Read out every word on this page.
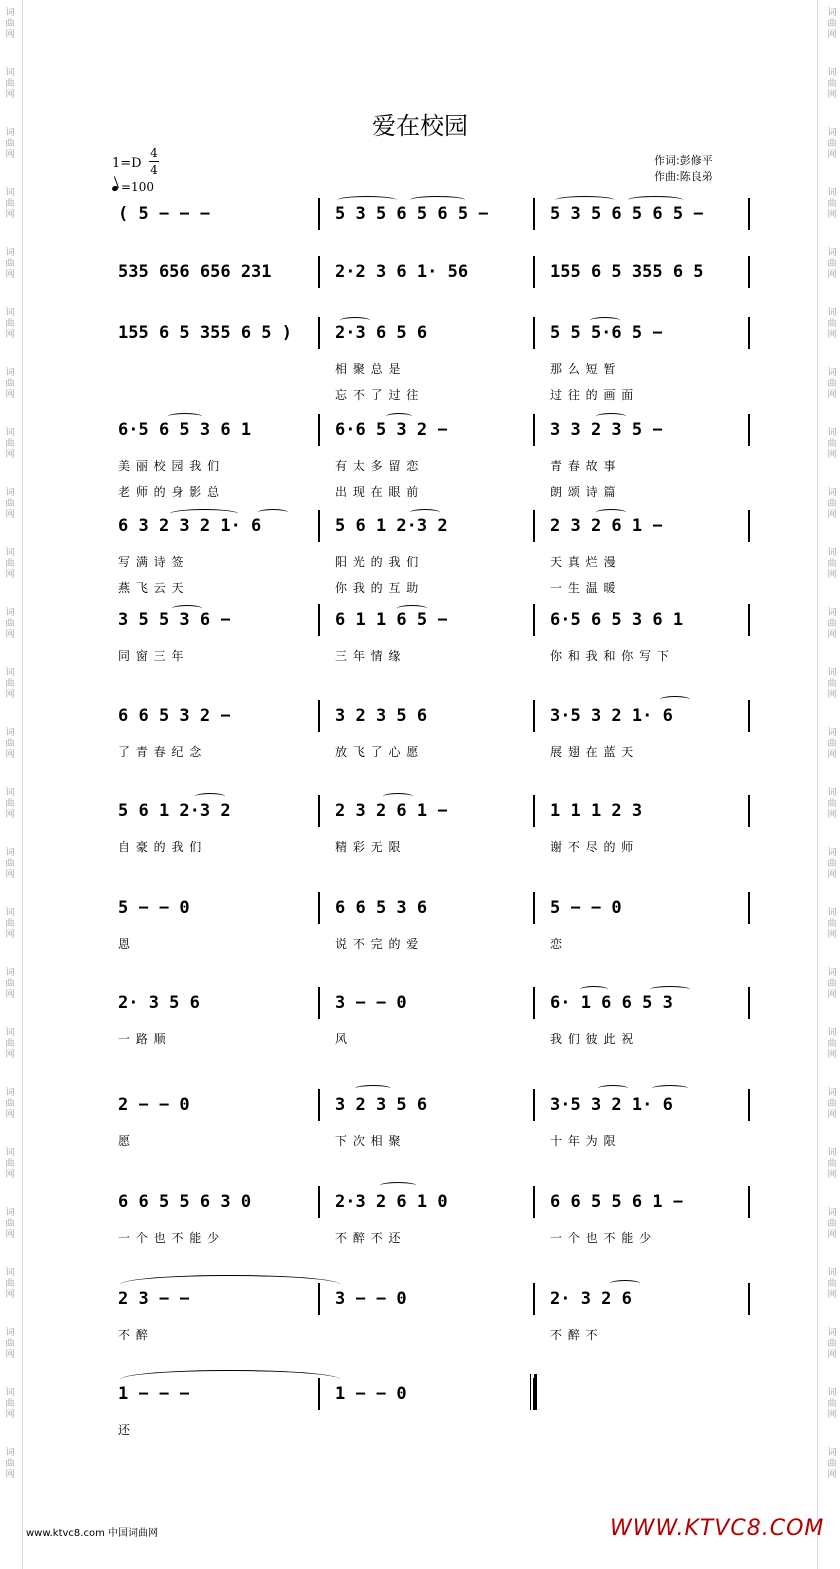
词
曲
网
词
曲
网
词
曲
网
词
曲
网
词
曲
网
词
曲
网
词
曲
网
词
曲
网
词
曲
网
词
曲
网
词
曲
网
词
曲
网
词
曲
网
词
曲
网
词
曲
网
词
曲
网
词
曲
网
词
曲
网
词
曲
网
词
曲
网
词
曲
网
词
曲
网
词
曲
网
词
曲
网
词
曲
网
词
曲
网
词
曲
网
词
曲
网
词
曲
网
词
曲
网
词
曲
网
词
曲
网
词
曲
网
词
曲
网
词
曲
网
词
曲
网
词
曲
网
词
曲
网
词
曲
网
词
曲
网
词
曲
网
词
曲
网
词
曲
网
词
曲
网
词
曲
网
词
曲
网
词
曲
网
词
曲
网
词
曲
网
词
曲
网
爱在校园
1=D
4
4
=100
作词:彭修平
作曲:陈良弟
( 5 − − −	5 3 5 6 5 6 5 −	5 3 5 6 5 6 5 −
535 656 656 231	2·2 3 6 1· 56	155 6 5 355 6 5
155 6 5 355 6 5 )	2·3 6 5 6	5 5 5·6 5 −
相 聚 总 是	那 么 短 暂
忘 不 了 过 往	过 往 的 画 面
6·5 6 5 3 6 1	6·6 5 3 2 −	3 3 2 3 5 −
美 丽 校 园 我 们	有 太 多 留 恋	青 春 故 事
老 师 的 身 影 总	出 现 在 眼 前	朗 颂 诗 篇
6 3 2 3 2 1· 6	5 6 1 2·3 2	2 3 2 6 1 −
写 满 诗 签	阳 光 的 我 们	天 真 烂 漫
燕 飞 云 天	你 我 的 互 助	一 生 温 暖
3 5 5 3 6 −	6 1 1 6 5 −	6·5 6 5 3 6 1
同 窗 三 年	三 年 情 缘	你 和 我 和 你 写 下
6 6 5 3 2 −	3 2 3 5 6	3·5 3 2 1· 6
了 青 春 纪 念	放 飞 了 心 愿	展 翅 在 蓝 天
5 6 1 2·3 2	2 3 2 6 1 −	1 1 1 2 3
自 豪 的 我 们	精 彩 无 限	谢 不 尽 的 师
5 − − 0	6 6 5 3 6	5 − − 0
恩	说 不 完 的 爱	恋
2· 3 5 6	3 − − 0	6· 1 6 6 5 3
一 路 顺	风	我 们 彼 此 祝
2 − − 0	3 2 3 5 6	3·5 3 2 1· 6
愿	下 次 相 聚	十 年 为 限
6 6 5 5 6 3 0	2·3 2 6 1 0	6 6 5 5 6 1 −
一 个 也 不 能 少	不 醉 不 还	一 个 也 不 能 少
2 3 − −	3 − − 0	2· 3 2 6
不 醉	不 醉 不
1 − − −	1 − − 0
还
www.ktvc8.com 中国词曲网	WWW.KTVC8.COM
